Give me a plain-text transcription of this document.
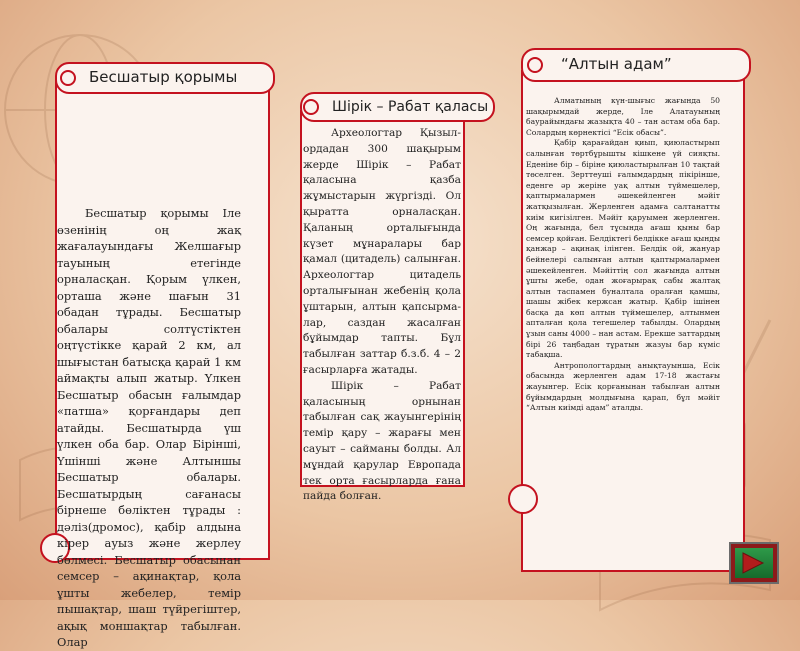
Бесшатыр қорымы

Бесшатыр қорымы Іле өзенінің оң жақ жағалауындағы Желшағыр тауының етегінде орналасқан. Қорым үлкен, орташа және шағын 31 обадан тұрады. Бесшатыр обалары солтүстіктен оңтүстікке қарай 2 км, ал шығыстан батысқа қарай 1 км аймақты алып жатыр. Үлкен Бесшатыр обасын ғалымдар «патша» қорғандары деп атайды. Бесшатырда үш үлкен оба бар. Олар Бірінші, Үшінші және Алтыншы Бесшатыр обалары. Бесшатырдың сағанасы бірнеше бөліктен тұрады : дәліз(дромос), қабір алдына кірер ауыз және жерлеу бөлмесі. Бесшатыр обасынан семсер – ақинақтар, қола ұшты жебелер, темір пышақтар, шаш түйрегіштер, ақық моншақтар табылған. Олар

Шірік – Рабат қаласы

Археологтар Қызыл-ордадан 300 шақырым жерде Шірік – Рабат қаласына қазба жұмыстарын жүргізді. Ол қыратта орналасқан. Қаланың орталығында күзет мұнаралары бар қамал (цитадель) салынған. Археологтар цитадель орталығынан жебенің қола ұштарын, алтын қапсырма-лар, саздан жасалған бұйымдар тапты. Бұл табылған заттар б.з.б. 4 – 2 ғасырларға жатады.

Шірік – Рабат қаласының орнынан табылған сақ жауынгерінің темір қару – жарағы мен сауыт – сайманы болды. Ал мұндай қарулар Европада тек орта ғасырларда ғана пайда болған.

“Алтын адам”

Алматының күн-шығыс жағында 50 шақырымдай жерде, Іле Алатауының баурайындағы жазықта 40 – тан астам оба бар. Солардың көрнектісі “Есік обасы”.

Қабір қарағайдан қиып, қиюластырып салынған төртбұрышты кішкене үй сияқты. Еденіне бір – біріне қиюластырылған 10 тақтай төселген. Зерттеуші ғалымдардың пікірінше, еденге әр жеріне уақ алтын түймешелер, қаптырмалармен әшекейленген мәйіт жатқызылған. Жерленген адамға салтанатты киім кигізілген. Мәйіт қаруымен жерленген. Оң жағында, бел тұсында ағаш қыны бар семсер қойған. Белдіктегі белдікке ағаш қынды қанжар – ақинақ ілінген. Белдік ой, жануар бейнелері салынған алтын қаптырмалармен әшекейленген. Мәйіттің сол жағында алтын ұшты жебе, одан жоғарырақ сабы жалтақ алтын таспамен буналтала оралған қамшы, шашы жібек кержсан жатыр. Қабір ішінен басқа да көп алтын түймешелер, алтынмен апталған қола тегешелер табылды. Олардың ұзын саны 4000 – нан астам. Ерекше заттардың бірі 26 таңбадан тұратын жазуы бар күміс табақша.

Антропологтардың анықтауынша, Есік обасында жерленген адам 17-18 жастағы жауынгер. Есік қорғанынан табылған алтын бұйымдардың молдығына қарап, бұл мәйіт “Алтын киімді адам” аталды.
